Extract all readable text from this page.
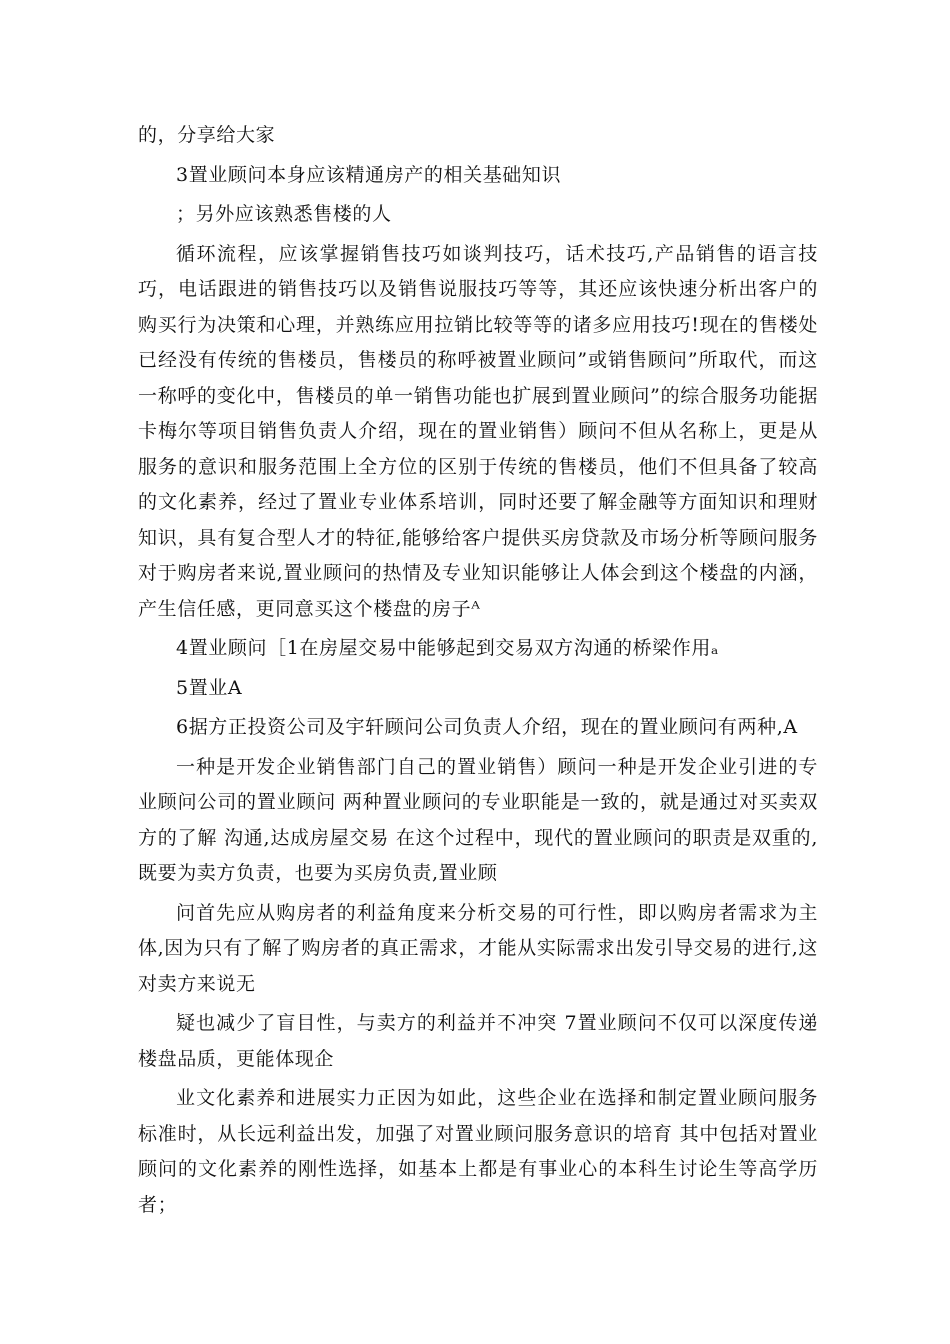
的，分享给大家

3置业顾问本身应该精通房产的相关基础知识

；另外应该熟悉售楼的人

循环流程，应该掌握销售技巧如谈判技巧，话术技巧,产品销售的语言技巧，电话跟进的销售技巧以及销售说服技巧等等，其还应该快速分析出客户的购买行为决策和心理，并熟练应用拉销比较等等的诸多应用技巧!现在的售楼处已经没有传统的售楼员，售楼员的称呼被置业顾问”或销售顾问”所取代，而这一称呼的变化中，售楼员的单一销售功能也扩展到置业顾问”的综合服务功能据卡梅尔等项目销售负责人介绍，现在的置业销售）顾问不但从名称上，更是从服务的意识和服务范围上全方位的区别于传统的售楼员，他们不但具备了较高的文化素养，经过了置业专业体系培训，同时还要了解金融等方面知识和理财知识，具有复合型人才的特征,能够给客户提供买房贷款及市场分析等顾问服务对于购房者来说,置业顾问的热情及专业知识能够让人体会到这个楼盘的内涵，产生信任感，更同意买这个楼盘的房子ᴬ

4置业顾问［1在房屋交易中能够起到交易双方沟通的桥梁作用ₐ

5置业A

6据方正投资公司及宇轩顾问公司负责人介绍，现在的置业顾问有两种,A

一种是开发企业销售部门自己的置业销售）顾问一种是开发企业引进的专业顾问公司的置业顾问 两种置业顾问的专业职能是一致的，就是通过对买卖双方的了解 沟通,达成房屋交易 在这个过程中，现代的置业顾问的职责是双重的,既要为卖方负责，也要为买房负责,置业顾

问首先应从购房者的利益角度来分析交易的可行性，即以购房者需求为主体,因为只有了解了购房者的真正需求，才能从实际需求出发引导交易的进行,这对卖方来说无

疑也减少了盲目性，与卖方的利益并不冲突 7置业顾问不仅可以深度传递楼盘品质，更能体现企

业文化素养和进展实力正因为如此，这些企业在选择和制定置业顾问服务标准时，从长远利益出发，加强了对置业顾问服务意识的培育 其中包括对置业顾问的文化素养的刚性选择，如基本上都是有事业心的本科生讨论生等高学历者；
